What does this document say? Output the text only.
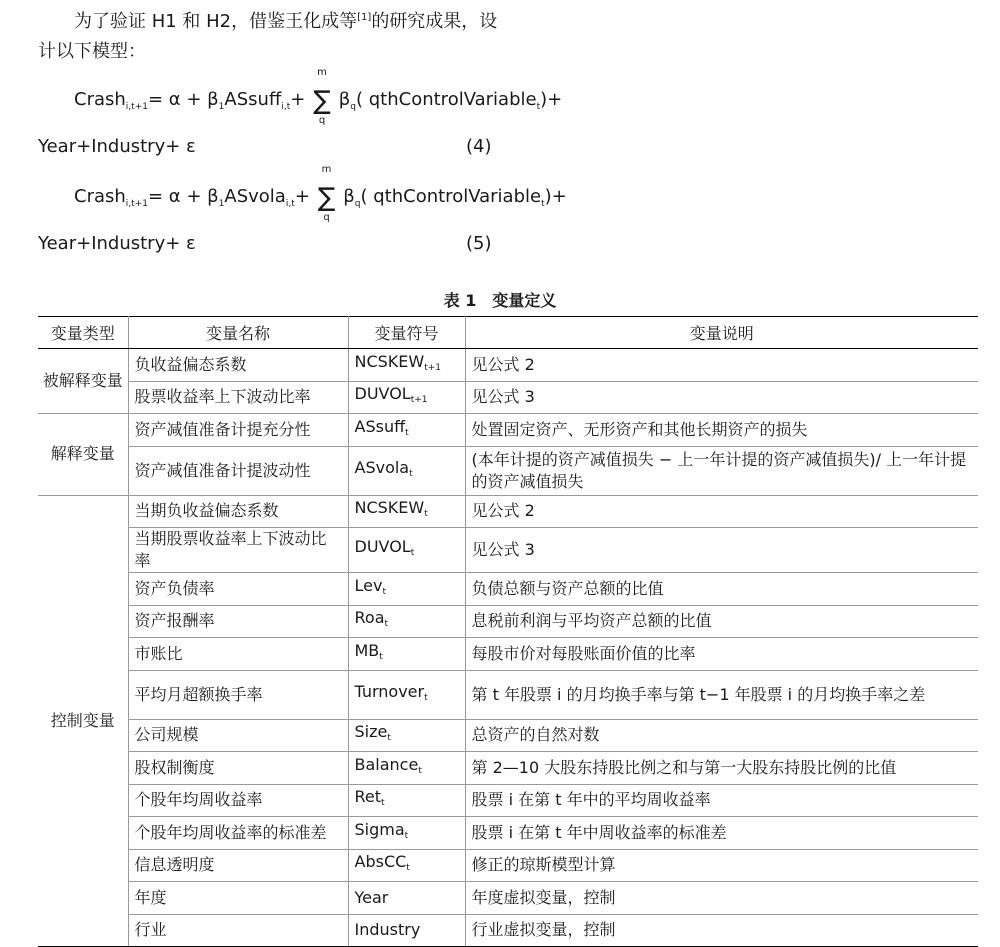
为了验证 H1 和 H2，借鉴王化成等[1]的研究成果，设
计以下模型：
Crash$_{i,t+1}$= $\alpha + \beta_1ASsuff_{i,t}+$ ∑
m
q
$\beta_q$( qthControlVariable$_t$)+
Year+Industry+ ε	(4)
Crash$_{i,t+1}$= $\alpha + \beta_1ASvola_{i,t}+$ ∑
m
q
$\beta_q$( qthControlVariable$_t$)+
Year+Industry+ ε	(5)
表 1　变量定义
变量类型	变量名称	变量符号	变量说明
被解释变量	负收益偏态系数	$NCSKEW_{t+1}$	见公式 2
	股票收益率上下波动比率	$DUVOL_{t+1}$	见公式 3
解释变量	资产减值准备计提充分性	ASsuff$_t$	处置固定资产、无形资产和其他长期资产的损失
	资产减值准备计提波动性	ASvola$_t$	(本年计提的资产减值损失 − 上一年计提的资产减值损失)/ 上一年计提的资产减值损失
控制变量	当期负收益偏态系数	$NCSKEW_t$	见公式 2
	当期股票收益率上下波动比率	$DUVOL_t$	见公式 3
	资产负债率	Lev$_t$	负债总额与资产总额的比值
	资产报酬率	Roa$_t$	息税前利润与平均资产总额的比值
	市账比	$MB_t$	每股市价对每股账面价值的比率
	平均月超额换手率	Turnover$_t$	第 t 年股票 i 的月均换手率与第 t−1 年股票 i 的月均换手率之差
	公司规模	Size$_t$	总资产的自然对数
	股权制衡度	Balance$_t$	第 2—10 大股东持股比例之和与第一大股东持股比例的比值
	个股年均周收益率	Ret$_t$	股票 i 在第 t 年中的平均周收益率
	个股年均周收益率的标准差	Sigma$_t$	股票 i 在第 t 年中周收益率的标准差
	信息透明度	AbsCC$_t$	修正的琼斯模型计算
	年度	Year	年度虚拟变量，控制
	行业	Industry	行业虚拟变量，控制
